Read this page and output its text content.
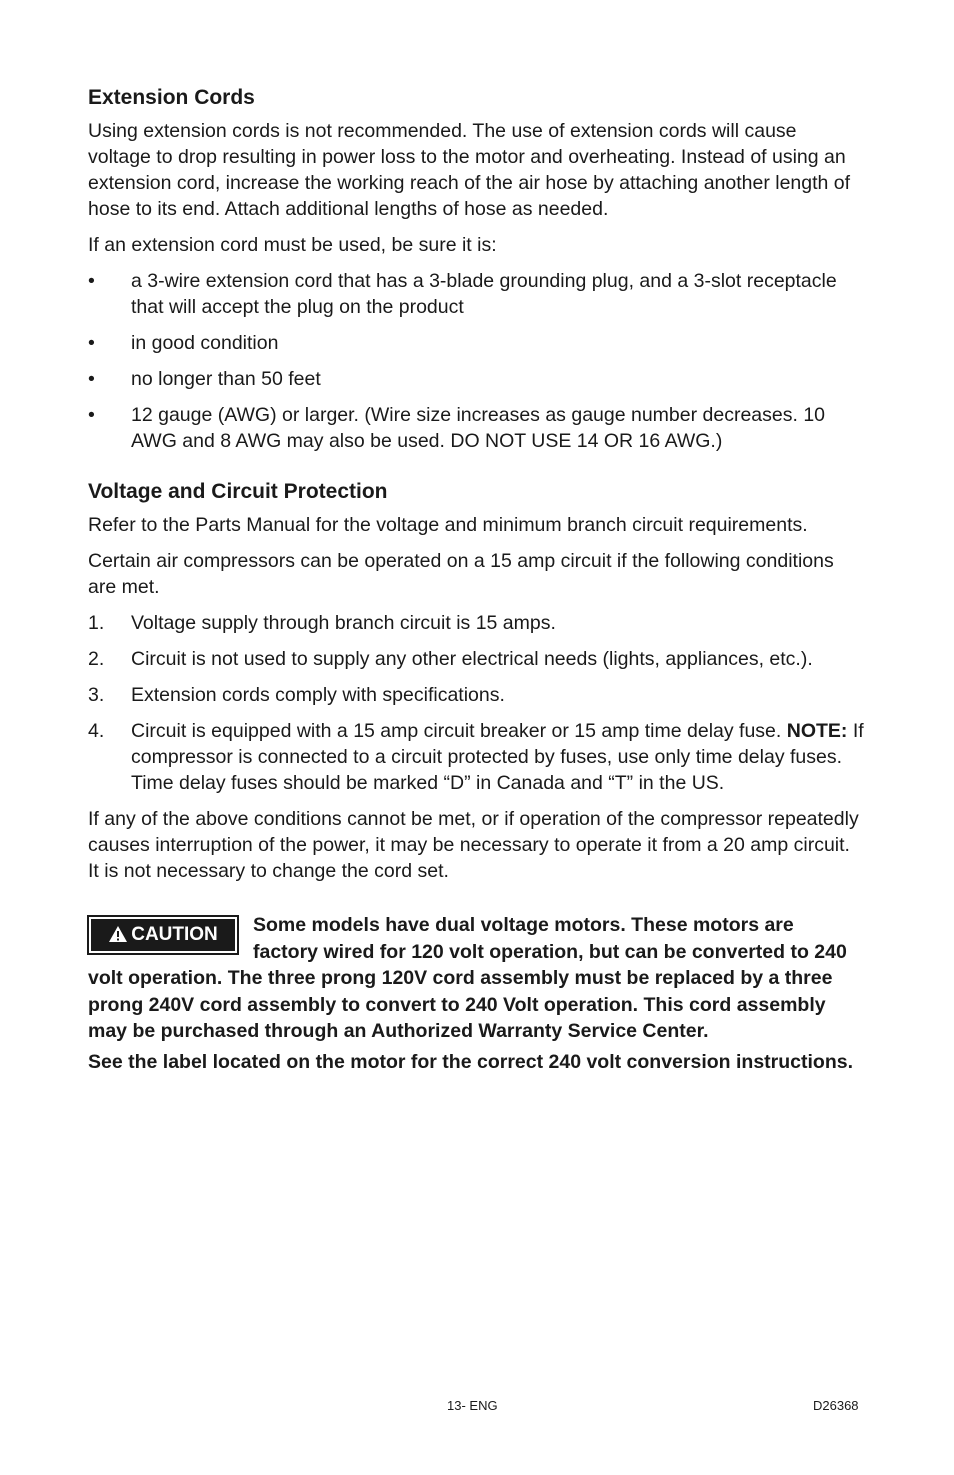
Extension Cords

Using extension cords is not recommended. The use of extension cords will cause voltage to drop resulting in power loss to the motor and overheating. Instead of using an extension cord, increase the working reach of the air hose by attaching another length of hose to its end. Attach additional lengths of hose as needed.

If an extension cord must be used, be sure it is:

• a 3-wire extension cord that has a 3-blade grounding plug, and a 3-slot receptacle that will accept the plug on the product
• in good condition
• no longer than 50 feet
• 12 gauge (AWG) or larger. (Wire size increases as gauge number decreases. 10 AWG and 8 AWG may also be used. DO NOT USE 14 OR 16 AWG.)
Voltage and Circuit Protection

Refer to the Parts Manual for the voltage and minimum branch circuit requirements.

Certain air compressors can be operated on a 15 amp circuit if the following conditions are met.

1. Voltage supply through branch circuit is 15 amps.
2. Circuit is not used to supply any other electrical needs (lights, appliances, etc.).
3. Extension cords comply with specifications.
4. Circuit is equipped with a 15 amp circuit breaker or 15 amp time delay fuse. NOTE: If compressor is connected to a circuit protected by fuses, use only time delay fuses. Time delay fuses should be marked “D” in Canada and “T” in the US.

If any of the above conditions cannot be met, or if operation of the compressor repeatedly causes interruption of the power, it may be necessary to operate it from a 20 amp circuit. It is not necessary to change the cord set.

CAUTION	Some models have dual voltage motors. These motors are factory wired for 120 volt operation, but can be converted to 240 volt operation. The three prong 120V cord assembly must be replaced by a three prong 240V cord assembly to convert to 240 Volt operation. This cord assembly may be purchased through an Authorized Warranty Service Center.

See the label located on the motor for the correct 240 volt conversion instructions.

13- ENG	D26368
